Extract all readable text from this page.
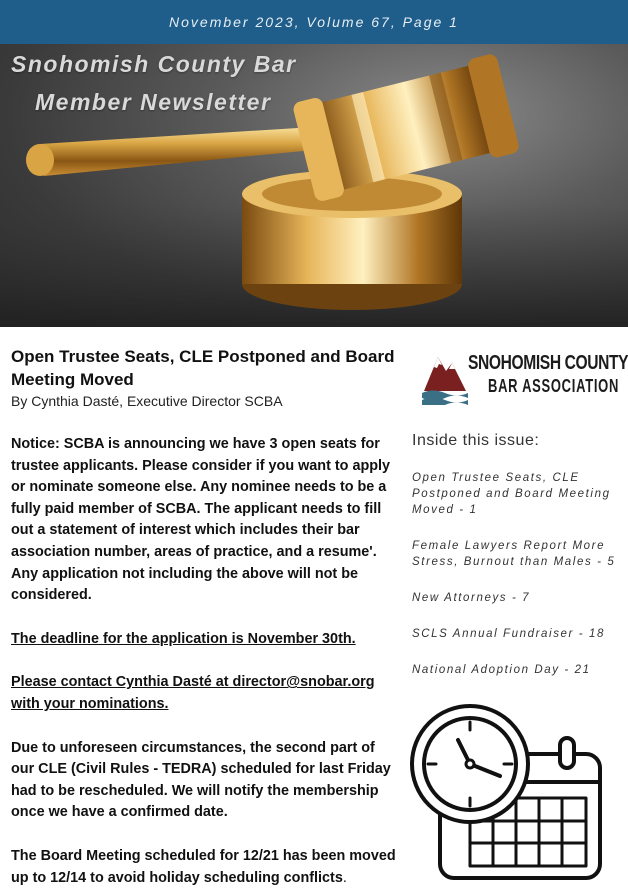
November 2023, Volume 67, Page 1
Snohomish County Bar
Member Newsletter
Open Trustee Seats, CLE Postponed and Board Meeting Moved
By Cynthia Dasté, Executive Director SCBA

Notice: SCBA is announcing we have 3 open seats for trustee applicants. Please consider if you want to apply or nominate someone else. Any nominee needs to be a fully paid member of SCBA. The applicant needs to fill out a statement of interest which includes their bar association number, areas of practice, and a resume'. Any application not including the above will not be considered.

The deadline for the application is November 30th.

Please contact Cynthia Dasté at director@snobar.org with your nominations.

Due to unforeseen circumstances, the second part of our CLE (Civil Rules - TEDRA) scheduled for last Friday had to be rescheduled. We will notify the membership once we have a confirmed date.

The Board Meeting scheduled for 12/21 has been moved up to 12/14 to avoid holiday scheduling conflicts.

SNOHOMISH COUNTY
BAR ASSOCIATION
Inside this issue:
Open Trustee Seats, CLE Postponed and Board Meeting Moved - 1
Female Lawyers Report More Stress, Burnout than Males - 5
New Attorneys - 7
SCLS Annual Fundraiser - 18
National Adoption Day - 21
